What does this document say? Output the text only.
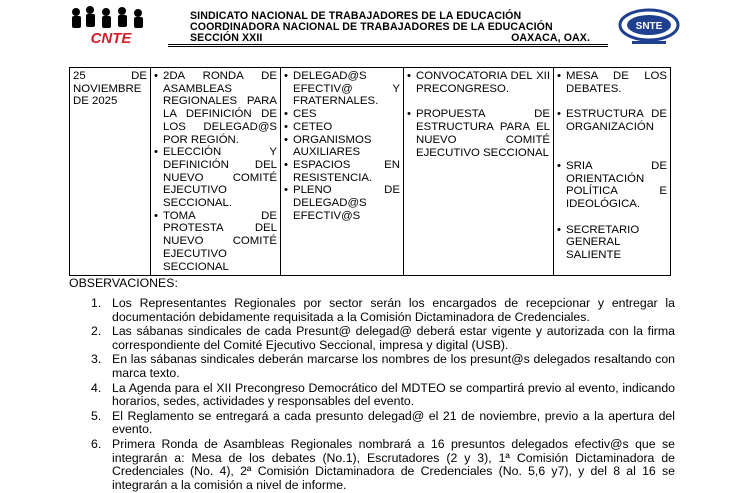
CNTE
SINDICATO NACIONAL DE TRABAJADORES DE LA EDUCACIÓN
COORDINADORA NACIONAL DE TRABAJADORES DE LA EDUCACIÓN
SECCIÓN XXII	OAXACA, OAX.
SNTE
25 DE NOVIEMBRE DE 2025	
• 2DA RONDA DE ASAMBLEAS REGIONALES PARA LA DEFINICIÓN DE LOS DELEGAD@S POR REGIÓN.
• ELECCIÓN Y DEFINICIÓN DEL NUEVO COMITÉ EJECUTIVO SECCIONAL.
• TOMA DE PROTESTA DEL NUEVO COMITÉ EJECUTIVO SECCIONAL

• DELEGAD@S EFECTIV@ Y FRATERNALES.
• CES
• CETEO
• ORGANISMOS AUXILIARES
• ESPACIOS EN RESISTENCIA.
• PLENO DE DELEGAD@S EFECTIV@S

• CONVOCATORIA DEL XII PRECONGRESO.
• PROPUESTA DE ESTRUCTURA PARA EL NUEVO COMITÉ EJECUTIVO SECCIONAL

• MESA DE LOS DEBATES.
• ESTRUCTURA DE ORGANIZACIÓN
• SRIA DE ORIENTACIÓN POLÍTICA E IDEOLÓGICA.
• SECRETARIO GENERAL SALIENTE
OBSERVACIONES:
1. Los Representantes Regionales por sector serán los encargados de recepcionar y entregar la documentación debidamente requisitada a la Comisión Dictaminadora de Credenciales.
2. Las sábanas sindicales de cada Presunt@ delegad@ deberá estar vigente y autorizada con la firma correspondiente del Comité Ejecutivo Seccional, impresa y digital (USB).
3. En las sábanas sindicales deberán marcarse los nombres de los presunt@s delegados resaltando con marca texto.
4. La Agenda para el XII Precongreso Democrático del MDTEO se compartirá previo al evento, indicando horarios, sedes, actividades y responsables del evento.
5. El Reglamento se entregará a cada presunto delegad@ el 21 de noviembre, previo a la apertura del evento.
6. Primera Ronda de Asambleas Regionales nombrará a 16 presuntos delegados efectiv@s que se integrarán a: Mesa de los debates (No.1), Escrutadores (2 y 3), 1ª Comisión Dictaminadora de Credenciales (No. 4), 2ª Comisión Dictaminadora de Credenciales (No. 5,6 y7), y del 8 al 16 se integrarán a la comisión a nivel de informe.
